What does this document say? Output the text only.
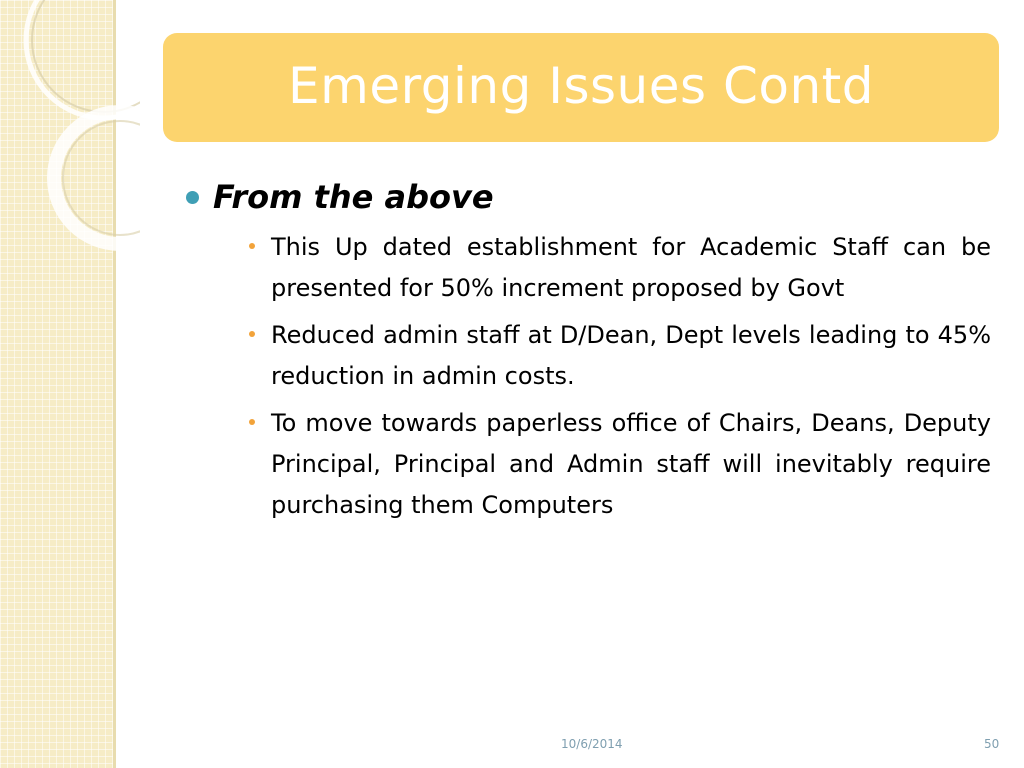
Emerging Issues Contd
From the above
This Up dated establishment for Academic Staff can be presented for 50% increment proposed by Govt
Reduced admin staff at D/Dean, Dept levels leading to 45% reduction in admin costs.
To move towards paperless office of Chairs, Deans, Deputy Principal, Principal and Admin staff will inevitably require purchasing them Computers
10/6/2014	50
